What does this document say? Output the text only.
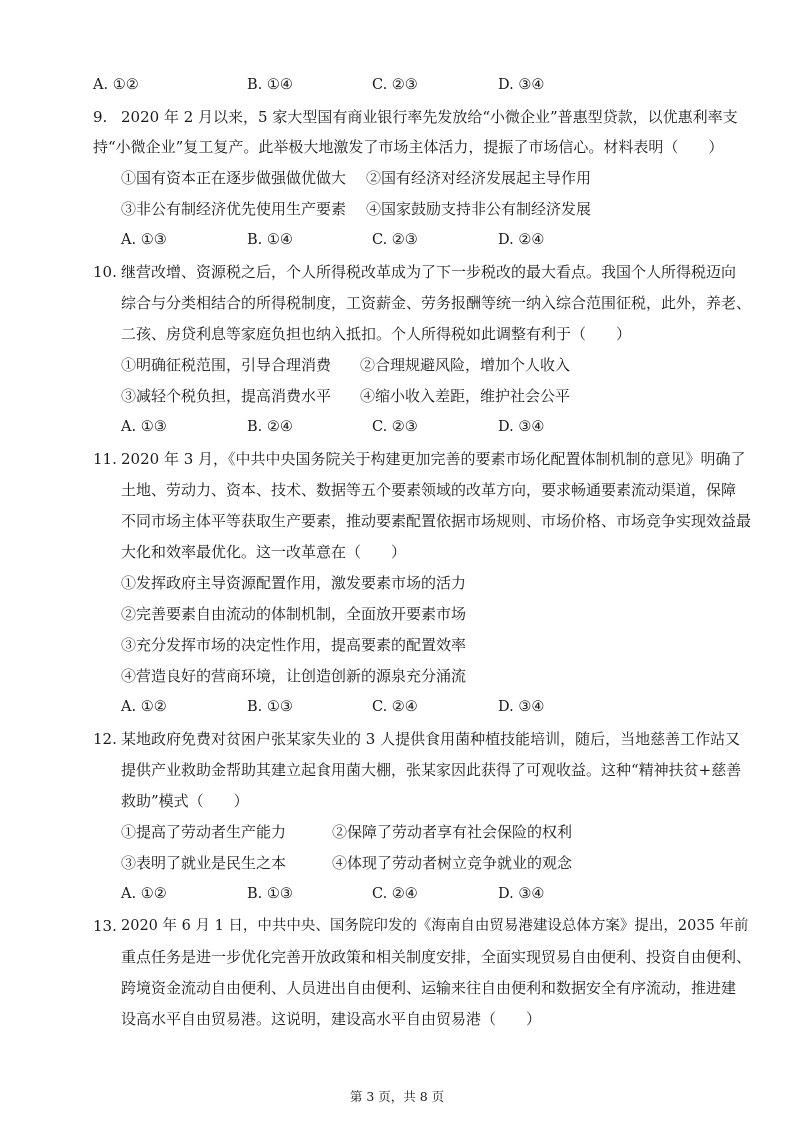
A. ①②	B. ①④	C. ②③	D. ③④
9. 2020 年 2 月以来，5 家大型国有商业银行率先发放给“小微企业”普惠型贷款，以优惠利率支
持“小微企业”复工复产。此举极大地激发了市场主体活力，提振了市场信心。材料表明（　　）
①国有资本正在逐步做强做优做大 ②国有经济对经济发展起主导作用
③非公有制经济优先使用生产要素 ④国家鼓励支持非公有制经济发展
A. ①③	B. ①④	C. ②③	D. ②④
10. 继营改增、资源税之后，个人所得税改革成为了下一步税改的最大看点。我国个人所得税迈向
综合与分类相结合的所得税制度，工资薪金、劳务报酬等统一纳入综合范围征税，此外，养老、
二孩、房贷利息等家庭负担也纳入抵扣。个人所得税如此调整有利于（　　）
①明确征税范围，引导合理消费 ②合理规避风险，增加个人收入
③减轻个税负担，提高消费水平 ④缩小收入差距，维护社会公平
A. ①③	B. ②④	C. ②③	D. ③④
11. 2020 年 3 月，《中共中央国务院关于构建更加完善的要素市场化配置体制机制的意见》明确了
土地、劳动力、资本、技术、数据等五个要素领域的改革方向，要求畅通要素流动渠道，保障
不同市场主体平等获取生产要素，推动要素配置依据市场规则、市场价格、市场竞争实现效益最
大化和效率最优化。这一改革意在（　　）
①发挥政府主导资源配置作用，激发要素市场的活力
②完善要素自由流动的体制机制，全面放开要素市场
③充分发挥市场的决定性作用，提高要素的配置效率
④营造良好的营商环境，让创造创新的源泉充分涌流
A. ①②	B. ①③	C. ②④	D. ③④
12. 某地政府免费对贫困户张某家失业的 3 人提供食用菌种植技能培训，随后，当地慈善工作站又
提供产业救助金帮助其建立起食用菌大棚，张某家因此获得了可观收益。这种“精神扶贫+慈善
救助”模式（　　）
①提高了劳动者生产能力	②保障了劳动者享有社会保险的权利
③表明了就业是民生之本	④体现了劳动者树立竞争就业的观念
A. ①②	B. ①③	C. ②④	D. ③④
13. 2020 年 6 月 1 日，中共中央、国务院印发的《海南自由贸易港建设总体方案》提出，2035 年前
重点任务是进一步优化完善开放政策和相关制度安排，全面实现贸易自由便利、投资自由便利、
跨境资金流动自由便利、人员进出自由便利、运输来往自由便利和数据安全有序流动，推进建
设高水平自由贸易港。这说明，建设高水平自由贸易港（　　）
第 3 页，共 8 页
